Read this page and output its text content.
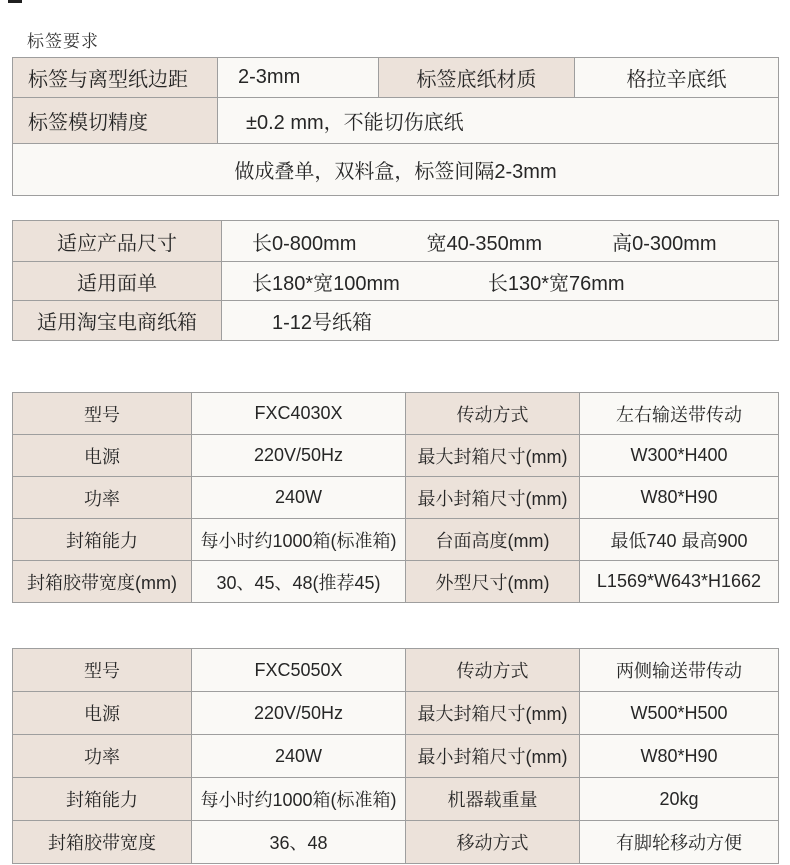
标签要求
标签与离型纸边距	2-3mm	标签底纸材质	格拉辛底纸
标签模切精度	±0.2 mm，不能切伤底纸
做成叠单，双料盒，标签间隔2-3mm
适应产品尺寸	长0-800mm	宽40-350mm	高0-300mm
适用面单	长180*宽100mm	长130*宽76mm
适用淘宝电商纸箱	1-12号纸箱
型号	FXC4030X	传动方式	左右输送带传动
电源	220V/50Hz	最大封箱尺寸(mm)	W300*H400
功率	240W	最小封箱尺寸(mm)	W80*H90
封箱能力	每小时约1000箱(标准箱)	台面高度(mm)	最低740 最高900
封箱胶带宽度(mm)	30、45、48(推荐45)	外型尺寸(mm)	L1569*W643*H1662
型号	FXC5050X	传动方式	两侧输送带传动
电源	220V/50Hz	最大封箱尺寸(mm)	W500*H500
功率	240W	最小封箱尺寸(mm)	W80*H90
封箱能力	每小时约1000箱(标准箱)	机器载重量	20kg
封箱胶带宽度	36、48	移动方式	有脚轮移动方便
